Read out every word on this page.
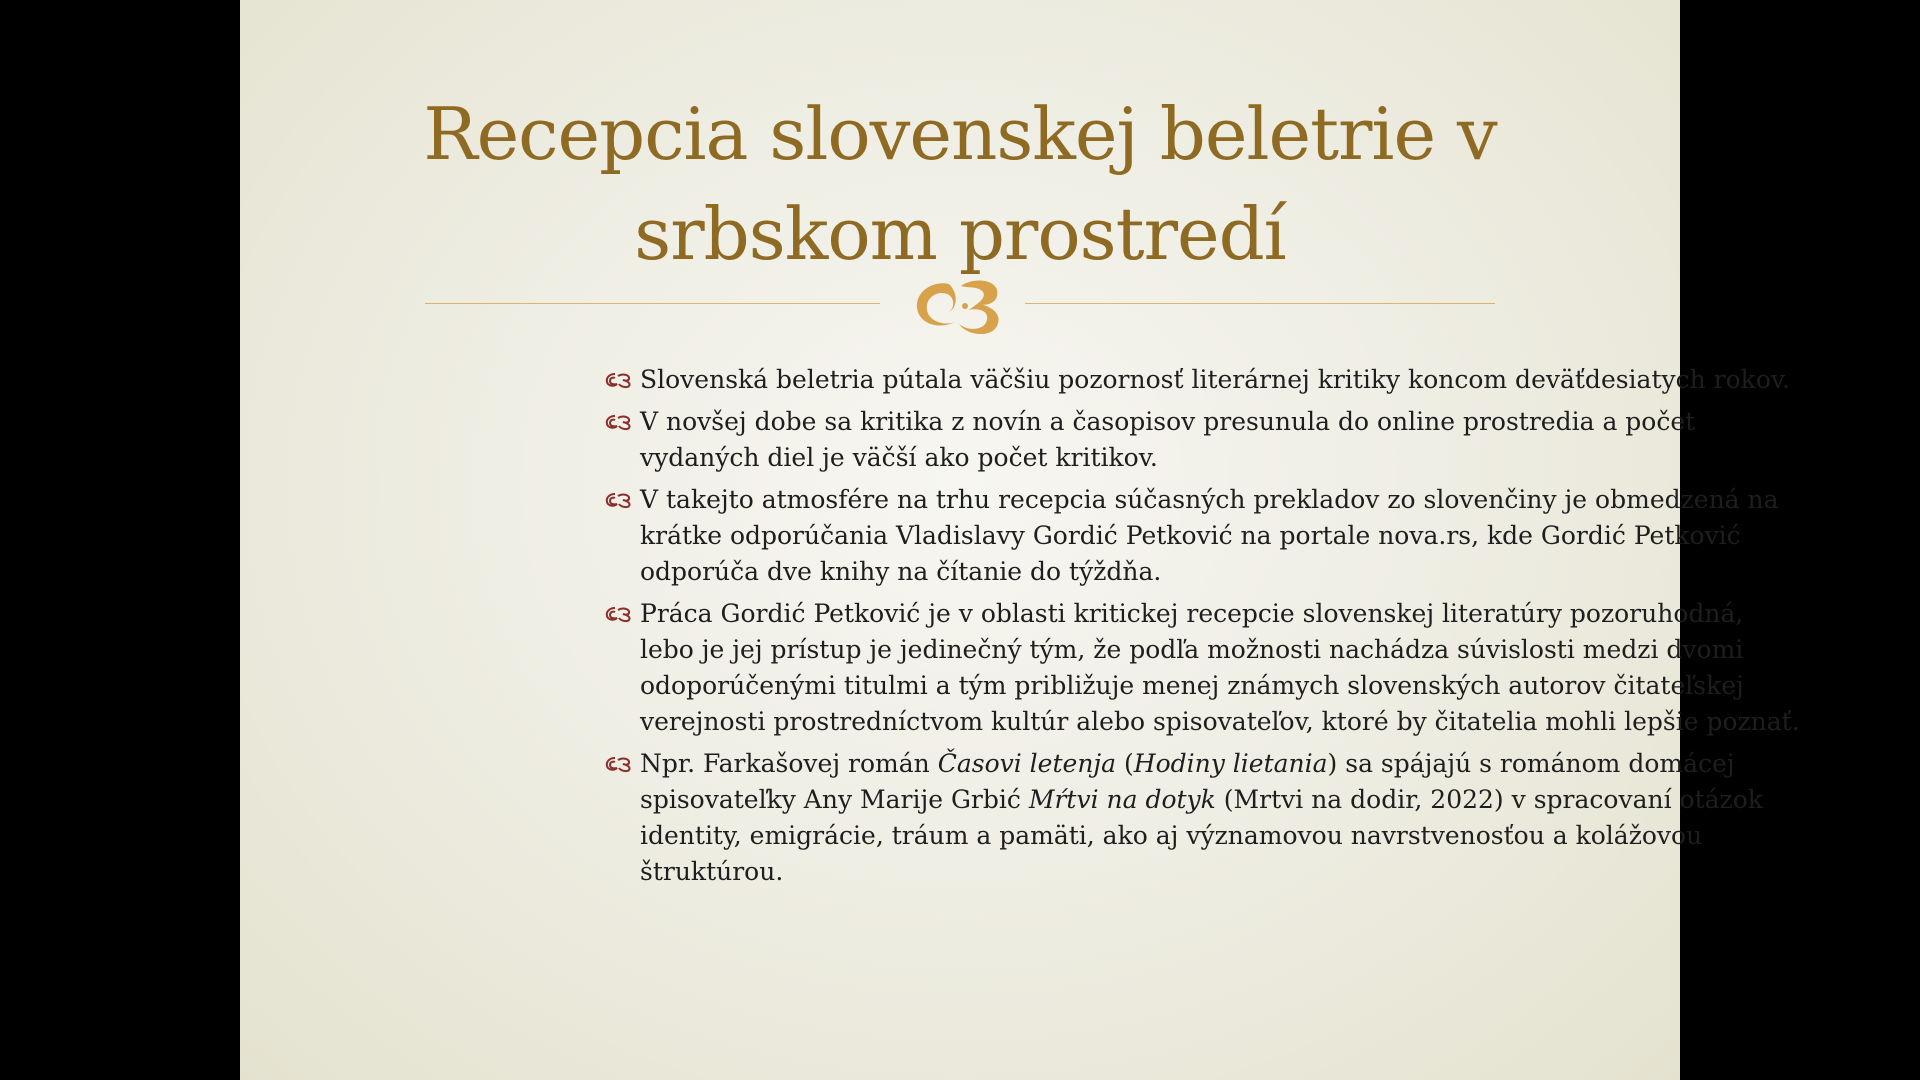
Recepcia slovenskej beletrie v
srbskom prostredí
Slovenská beletria pútala väčšiu pozornosť literárnej kritiky koncom deväťdesiatych rokov.
V novšej dobe sa kritika z novín a časopisov presunula do online prostredia a počet vydaných diel je väčší ako počet kritikov.
V takejto atmosfére na trhu recepcia súčasných prekladov zo slovenčiny je obmedzená na krátke odporúčania Vladislavy Gordić Petković na portale nova.rs, kde Gordić Petković odporúča dve knihy na čítanie do týždňa.
Práca Gordić Petković je v oblasti kritickej recepcie slovenskej literatúry pozoruhodná, lebo je jej prístup je jedinečný tým, že podľa možnosti nachádza súvislosti medzi dvomi odoporúčenými titulmi a tým približuje menej známych slovenských autorov čitateľskej verejnosti prostredníctvom kultúr alebo spisovateľov, ktoré by čitatelia mohli lepšie poznať.
Npr. Farkašovej román Časovi letenja (Hodiny lietania) sa spájajú s románom domácej spisovateľky Any Marije Grbić Mŕtvi na dotyk (Mrtvi na dodir, 2022) v spracovaní otázok identity, emigrácie, tráum a pamäti, ako aj významovou navrstvenosťou a kolážovou štruktúrou.
